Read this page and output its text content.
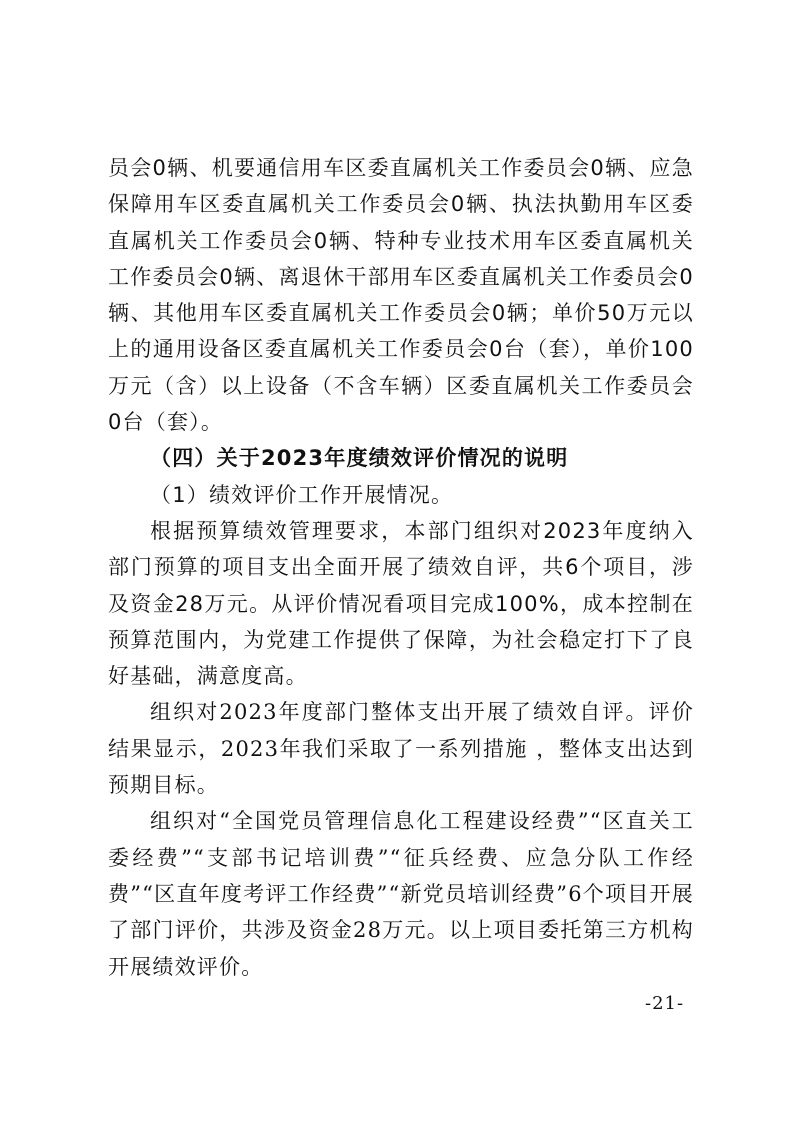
员会0辆、机要通信用车区委直属机关工作委员会0辆、应急保障用车区委直属机关工作委员会0辆、执法执勤用车区委直属机关工作委员会0辆、特种专业技术用车区委直属机关工作委员会0辆、离退休干部用车区委直属机关工作委员会0辆、其他用车区委直属机关工作委员会0辆；单价50万元以上的通用设备区委直属机关工作委员会0台（套），单价100万元（含）以上设备（不含车辆）区委直属机关工作委员会0台（套）。

（四）关于2023年度绩效评价情况的说明

（1）绩效评价工作开展情况。

根据预算绩效管理要求，本部门组织对2023年度纳入部门预算的项目支出全面开展了绩效自评，共6个项目，涉及资金28万元。从评价情况看项目完成100%，成本控制在预算范围内，为党建工作提供了保障，为社会稳定打下了良好基础，满意度高。

组织对2023年度部门整体支出开展了绩效自评。评价结果显示，2023年我们采取了一系列措施 ，整体支出达到预期目标。

组织对“全国党员管理信息化工程建设经费”“区直关工委经费”“支部书记培训费”“征兵经费、应急分队工作经费”“区直年度考评工作经费”“新党员培训经费”6个项目开展了部门评价，共涉及资金28万元。以上项目委托第三方机构开展绩效评价。

-21-
